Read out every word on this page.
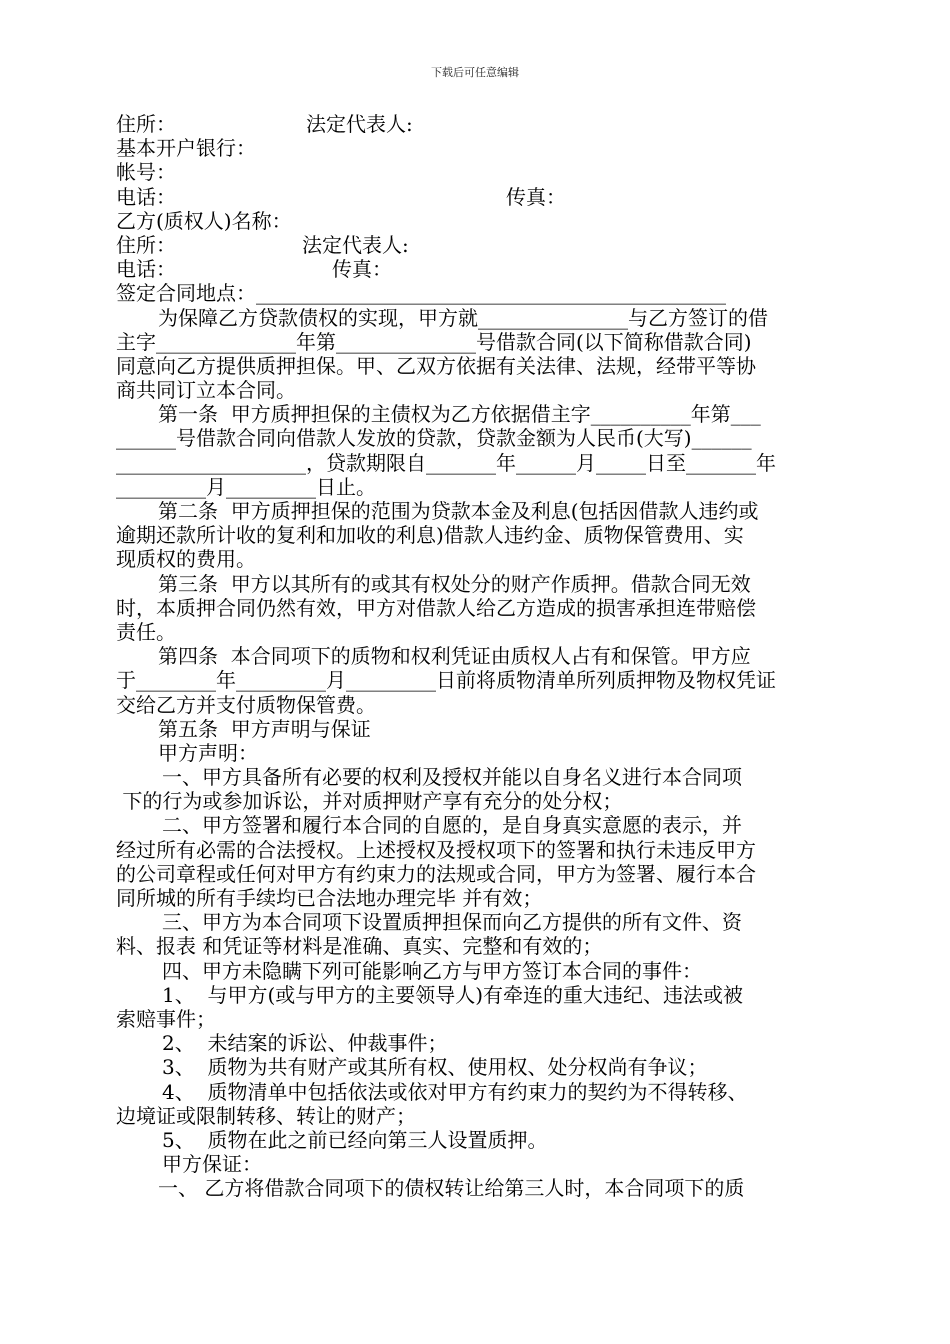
下载后可任意编辑
住所：	法定代表人:
基本开户银行：
帐号：
电话：	传真：
乙方(质权人)名称：
住所：	法定代表人:
电话：	传真：
签定合同地点：_______________________________________________
为保障乙方贷款债权的实现，甲方就_______________与乙方签订的借
主字______________年第______________号借款合同(以下简称借款合同)
同意向乙方提供质押担保。甲、乙双方依据有关法律、法规，经带平等协
商共同订立本合同。
第一条  甲方质押担保的主债权为乙方依据借主字__________年第___
______号借款合同向借款人发放的贷款，贷款金额为人民币(大写)______
___________________，贷款期限自_______年______月_____日至_______年
_________月_________日止。
第二条  甲方质押担保的范围为贷款本金及利息(包括因借款人违约或
逾期还款所计收的复利和加收的利息)借款人违约金、质物保管费用、实
现质权的费用。
第三条  甲方以其所有的或其有权处分的财产作质押。借款合同无效
时，本质押合同仍然有效，甲方对借款人给乙方造成的损害承担连带赔偿
责任。
第四条  本合同项下的质物和权利凭证由质权人占有和保管。甲方应
于________年_________月_________日前将质物清单所列质押物及物权凭证
交给乙方并支付质物保管费。
第五条  甲方声明与保证
甲方声明：
一、甲方具备所有必要的权利及授权并能以自身名义进行本合同项
下的行为或参加诉讼，并对质押财产享有充分的处分权；
二、甲方签署和履行本合同的自愿的，是自身真实意愿的表示，并
经过所有必需的合法授权。上述授权及授权项下的签署和执行未违反甲方
的公司章程或任何对甲方有约束力的法规或合同，甲方为签署、履行本合
同所城的所有手续均已合法地办理完毕 并有效；
三、甲方为本合同项下设置质押担保而向乙方提供的所有文件、资
料、报表 和凭证等材料是准确、真实、完整和有效的；
四、甲方未隐瞒下列可能影响乙方与甲方签订本合同的事件：
1、  与甲方(或与甲方的主要领导人)有牵连的重大违纪、违法或被
索赔事件；
2、  未结案的诉讼、仲裁事件；
3、  质物为共有财产或其所有权、使用权、处分权尚有争议；
4、  质物清单中包括依法或依对甲方有约束力的契约为不得转移、
边境证或限制转移、转让的财产；
5、  质物在此之前已经向第三人设置质押。
甲方保证：
一、 乙方将借款合同项下的债权转让给第三人时，本合同项下的质
